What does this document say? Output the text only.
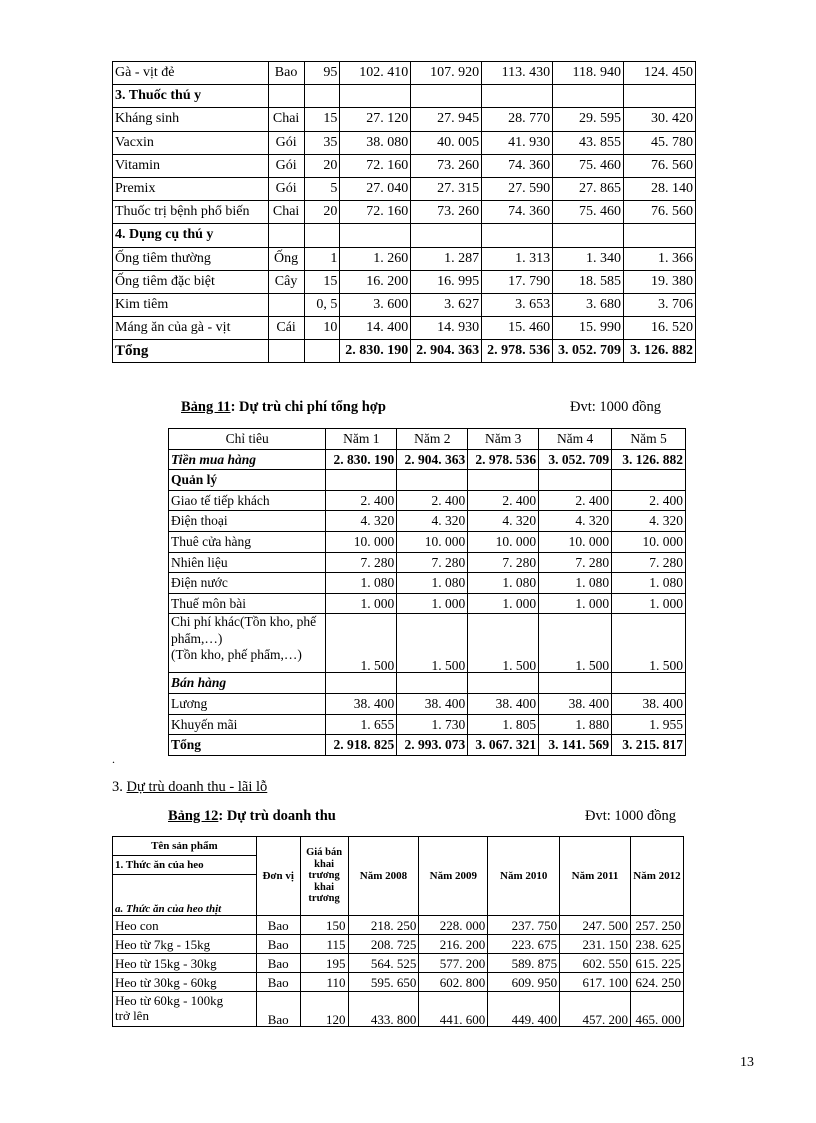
Gà - vịt đẻ	Bao	95	102. 410	107. 920	113. 430	118. 940	124. 450
3. Thuốc thú y							
Kháng sinh	Chai	15	27. 120	27. 945	28. 770	29. 595	30. 420
Vacxin	Gói	35	38. 080	40. 005	41. 930	43. 855	45. 780
Vitamin	Gói	20	72. 160	73. 260	74. 360	75. 460	76. 560
Premix	Gói	5	27. 040	27. 315	27. 590	27. 865	28. 140
Thuốc trị bệnh phổ biến	Chai	20	72. 160	73. 260	74. 360	75. 460	76. 560
4. Dụng cụ thú y							
Ống tiêm thường	Ống	1	1. 260	1. 287	1. 313	1. 340	1. 366
Ống tiêm đặc biệt	Cây	15	16. 200	16. 995	17. 790	18. 585	19. 380
Kim tiêm		0, 5	3. 600	3. 627	3. 653	3. 680	3. 706
Máng ăn của gà - vịt	Cái	10	14. 400	14. 930	15. 460	15. 990	16. 520
Tổng			2. 830. 190	2. 904. 363	2. 978. 536	3. 052. 709	3. 126. 882
Bảng 11: Dự trù chi phí tổng hợp	Đvt: 1000 đồng
Chỉ tiêu	Năm 1	Năm 2	Năm 3	Năm 4	Năm 5
Tiền mua hàng	2. 830. 190	2. 904. 363	2. 978. 536	3. 052. 709	3. 126. 882
Quản lý					
Giao tế tiếp khách	2. 400	2. 400	2. 400	2. 400	2. 400
Điện thoại	4. 320	4. 320	4. 320	4. 320	4. 320
Thuê cửa hàng	10. 000	10. 000	10. 000	10. 000	10. 000
Nhiên liệu	7. 280	7. 280	7. 280	7. 280	7. 280
Điện nước	1. 080	1. 080	1. 080	1. 080	1. 080
Thuế môn bài	1. 000	1. 000	1. 000	1. 000	1. 000
Chi phí khác(Tồn kho, phế phẩm,…)
(Tồn kho, phế phẩm,…)	1. 500	1. 500	1. 500	1. 500	1. 500
Bán hàng					
Lương	38. 400	38. 400	38. 400	38. 400	38. 400
Khuyến mãi	1. 655	1. 730	1. 805	1. 880	1. 955
Tổng	2. 918. 825	2. 993. 073	3. 067. 321	3. 141. 569	3. 215. 817
.
3. Dự trù doanh thu - lãi lỗ
Bảng 12: Dự trù doanh thu	Đvt: 1000 đồng
Tên sản phẩm	Đơn vị	Giá bán khai trương khai trương	Năm 2008	Năm 2009	Năm 2010	Năm 2011	Năm 2012
1. Thức ăn của heo							
a. Thức ăn của heo thịt							
Heo con	Bao	150	218. 250	228. 000	237. 750	247. 500	257. 250
Heo từ 7kg - 15kg	Bao	115	208. 725	216. 200	223. 675	231. 150	238. 625
Heo từ 15kg - 30kg	Bao	195	564. 525	577. 200	589. 875	602. 550	615. 225
Heo từ 30kg - 60kg	Bao	110	595. 650	602. 800	609. 950	617. 100	624. 250
Heo từ 60kg - 100kg
trở lên	Bao	120	433. 800	441. 600	449. 400	457. 200	465. 000
13
